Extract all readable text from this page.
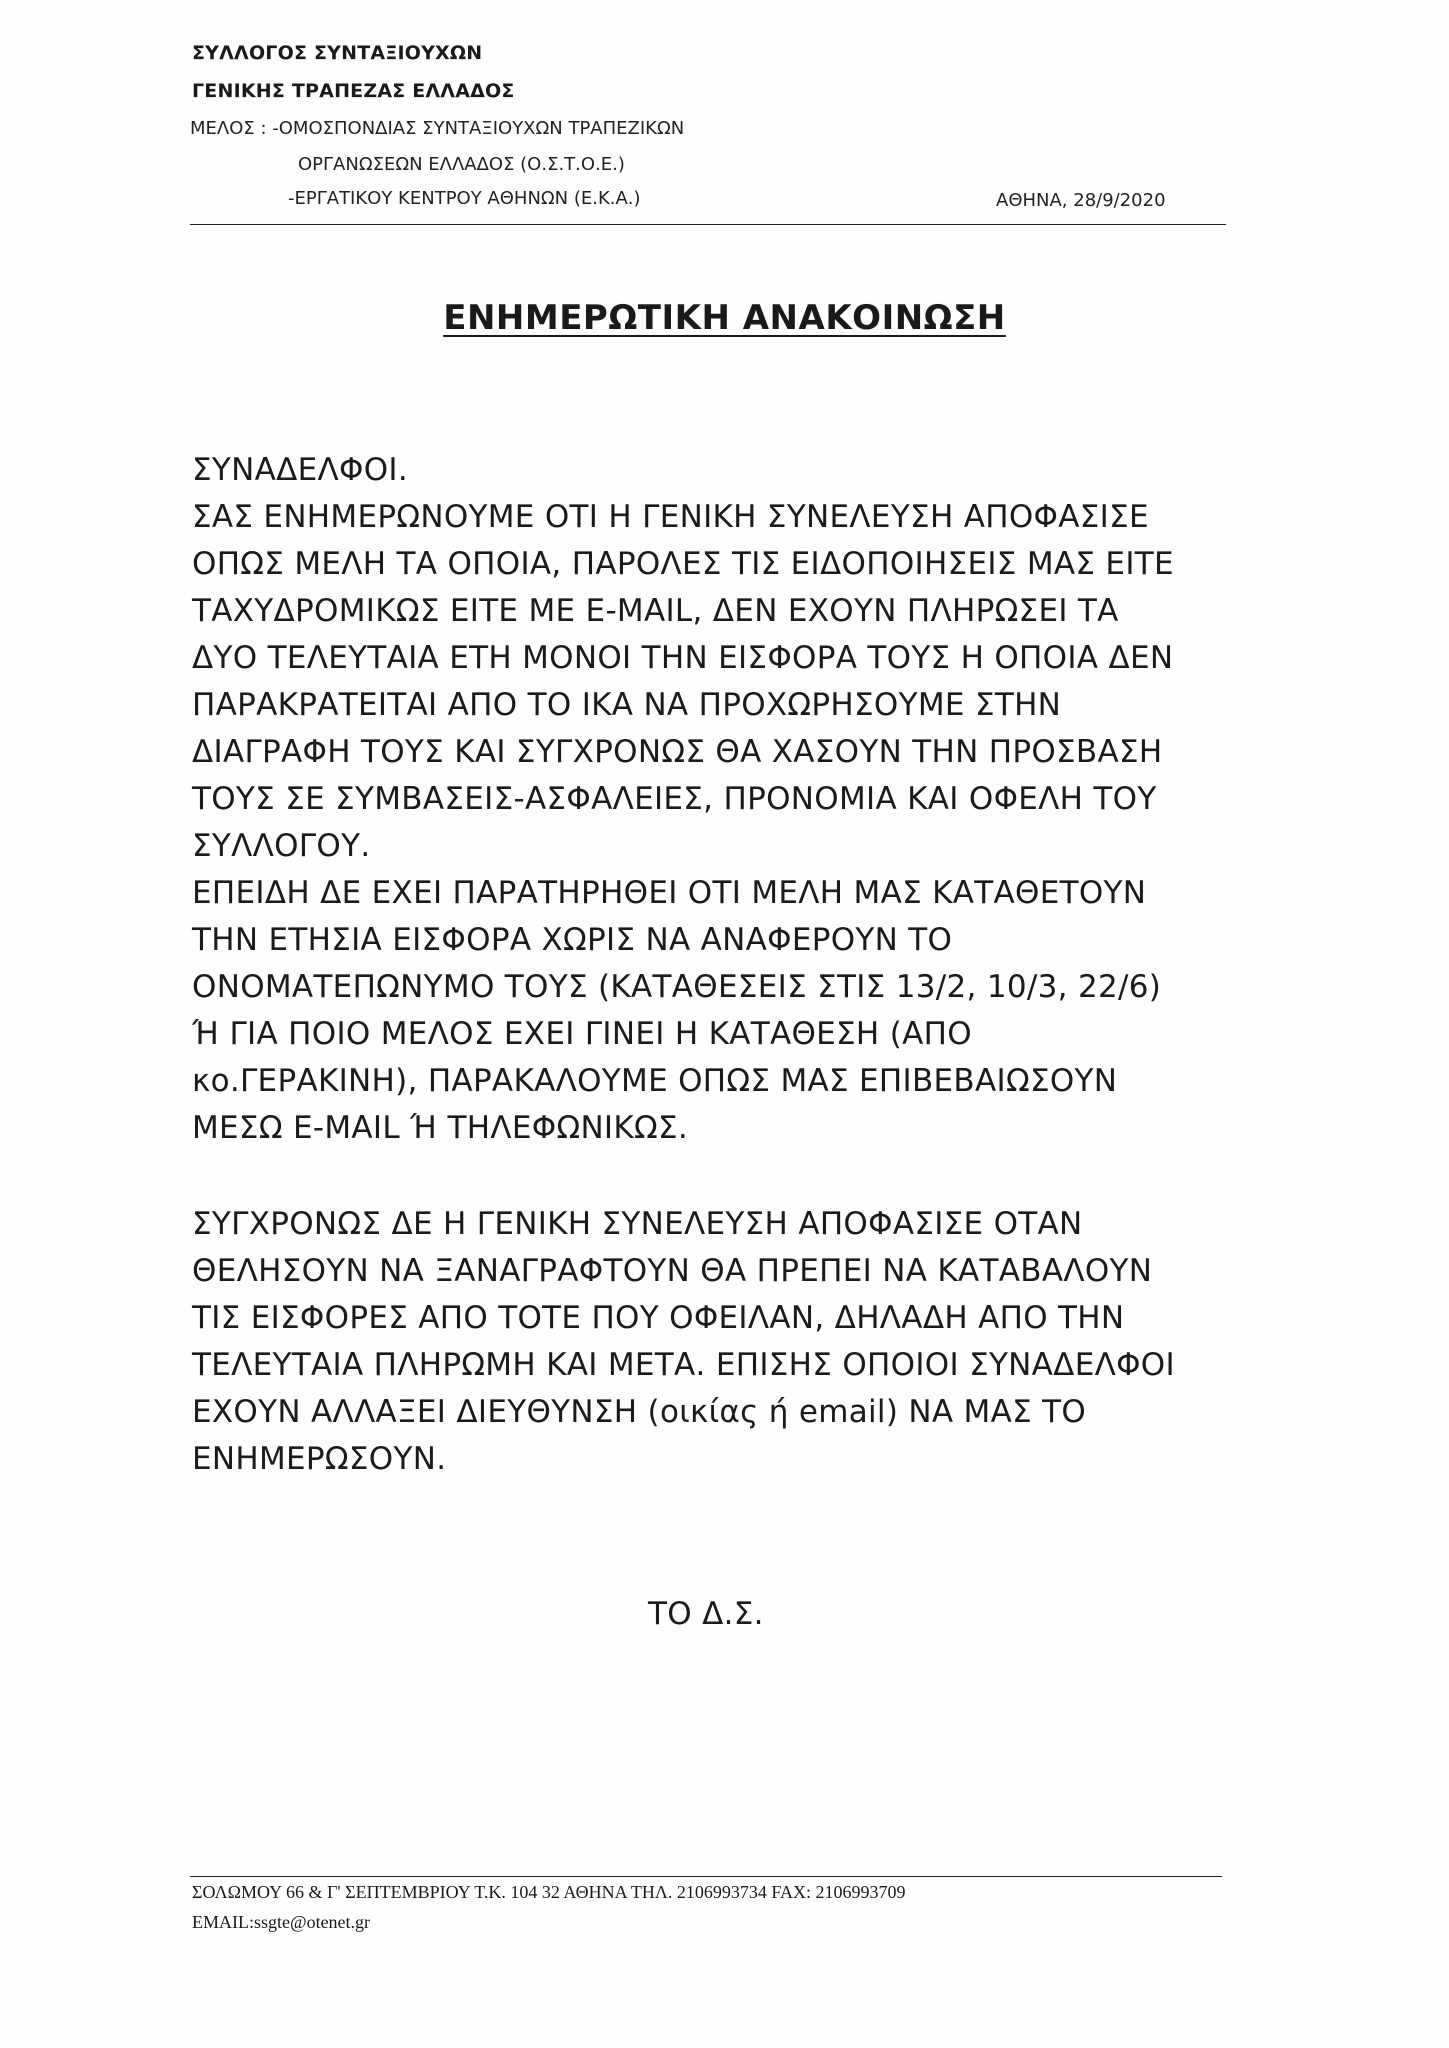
ΣΥΛΛΟΓΟΣ ΣΥΝΤΑΞΙΟΥΧΩΝ
ΓΕΝΙΚΗΣ ΤΡΑΠΕΖΑΣ ΕΛΛΑΔΟΣ
ΜΕΛΟΣ : -ΟΜΟΣΠΟΝΔΙΑΣ ΣΥΝΤΑΞΙΟΥΧΩΝ ΤΡΑΠΕΖΙΚΩΝ
ΟΡΓΑΝΩΣΕΩΝ ΕΛΛΑΔΟΣ (Ο.Σ.Τ.Ο.Ε.)
-ΕΡΓΑΤΙΚΟΥ ΚΕΝΤΡΟΥ ΑΘΗΝΩΝ (Ε.Κ.Α.)	ΑΘΗΝΑ, 28/9/2020
ΕΝΗΜΕΡΩΤΙΚΗ ΑΝΑΚΟΙΝΩΣΗ
ΣΥΝΑΔΕΛΦΟΙ.
ΣΑΣ ΕΝΗΜΕΡΩΝΟΥΜΕ ΟΤΙ Η ΓΕΝΙΚΗ ΣΥΝΕΛΕΥΣΗ ΑΠΟΦΑΣΙΣΕ
ΟΠΩΣ ΜΕΛΗ ΤΑ ΟΠΟΙΑ, ΠΑΡΟΛΕΣ ΤΙΣ ΕΙΔΟΠΟΙΗΣΕΙΣ ΜΑΣ ΕΙΤΕ
ΤΑΧΥΔΡΟΜΙΚΩΣ ΕΙΤΕ ΜΕ E-MAIL, ΔΕΝ ΕΧΟΥΝ ΠΛΗΡΩΣΕΙ ΤΑ
ΔΥΟ ΤΕΛΕΥΤΑΙΑ ΕΤΗ ΜΟΝΟΙ ΤΗΝ ΕΙΣΦΟΡΑ ΤΟΥΣ Η ΟΠΟΙΑ ΔΕΝ
ΠΑΡΑΚΡΑΤΕΙΤΑΙ ΑΠΟ ΤΟ ΙΚΑ ΝΑ ΠΡΟΧΩΡΗΣΟΥΜΕ ΣΤΗΝ
ΔΙΑΓΡΑΦΗ ΤΟΥΣ ΚΑΙ ΣΥΓΧΡΟΝΩΣ ΘΑ ΧΑΣΟΥΝ ΤΗΝ ΠΡΟΣΒΑΣΗ
ΤΟΥΣ ΣΕ ΣΥΜΒΑΣΕΙΣ-ΑΣΦΑΛΕΙΕΣ, ΠΡΟΝΟΜΙΑ ΚΑΙ ΟΦΕΛΗ ΤΟΥ
ΣΥΛΛΟΓΟΥ.
ΕΠΕΙΔΗ ΔΕ ΕΧΕΙ ΠΑΡΑΤΗΡΗΘΕΙ ΟΤΙ ΜΕΛΗ ΜΑΣ ΚΑΤΑΘΕΤΟΥΝ
ΤΗΝ ΕΤΗΣΙΑ ΕΙΣΦΟΡΑ ΧΩΡΙΣ ΝΑ ΑΝΑΦΕΡΟΥΝ ΤΟ
ΟΝΟΜΑΤΕΠΩΝΥΜΟ ΤΟΥΣ (ΚΑΤΑΘΕΣΕΙΣ ΣΤΙΣ 13/2, 10/3, 22/6)
Ή ΓΙΑ ΠΟΙΟ ΜΕΛΟΣ ΕΧΕΙ ΓΙΝΕΙ Η ΚΑΤΑΘΕΣΗ (ΑΠΟ
κο.ΓΕΡΑΚΙΝΗ), ΠΑΡΑΚΑΛΟΥΜΕ ΟΠΩΣ ΜΑΣ ΕΠΙΒΕΒΑΙΩΣΟΥΝ
ΜΕΣΩ E-MAIL Ή ΤΗΛΕΦΩΝΙΚΩΣ.
ΣΥΓΧΡΟΝΩΣ ΔΕ Η ΓΕΝΙΚΗ ΣΥΝΕΛΕΥΣΗ ΑΠΟΦΑΣΙΣΕ ΟΤΑΝ
ΘΕΛΗΣΟΥΝ ΝΑ ΞΑΝΑΓΡΑΦΤΟΥΝ ΘΑ ΠΡΕΠΕΙ ΝΑ ΚΑΤΑΒΑΛΟΥΝ
ΤΙΣ ΕΙΣΦΟΡΕΣ ΑΠΟ ΤΟΤΕ ΠΟΥ ΟΦΕΙΛΑΝ, ΔΗΛΑΔΗ ΑΠΟ ΤΗΝ
ΤΕΛΕΥΤΑΙΑ ΠΛΗΡΩΜΗ ΚΑΙ ΜΕΤΑ. ΕΠΙΣΗΣ ΟΠΟΙΟΙ ΣΥΝΑΔΕΛΦΟΙ
ΕΧΟΥΝ ΑΛΛΑΞΕΙ ΔΙΕΥΘΥΝΣΗ (οικίας ή email) ΝΑ ΜΑΣ ΤΟ
ΕΝΗΜΕΡΩΣΟΥΝ.
ΤΟ Δ.Σ.
ΣΟΛΩΜΟΥ 66 & Γ' ΣΕΠΤΕΜΒΡΙΟΥ Τ.Κ. 104 32 ΑΘΗΝΑ ΤΗΛ. 2106993734 FAX: 2106993709
EMAIL:ssgte@otenet.gr
